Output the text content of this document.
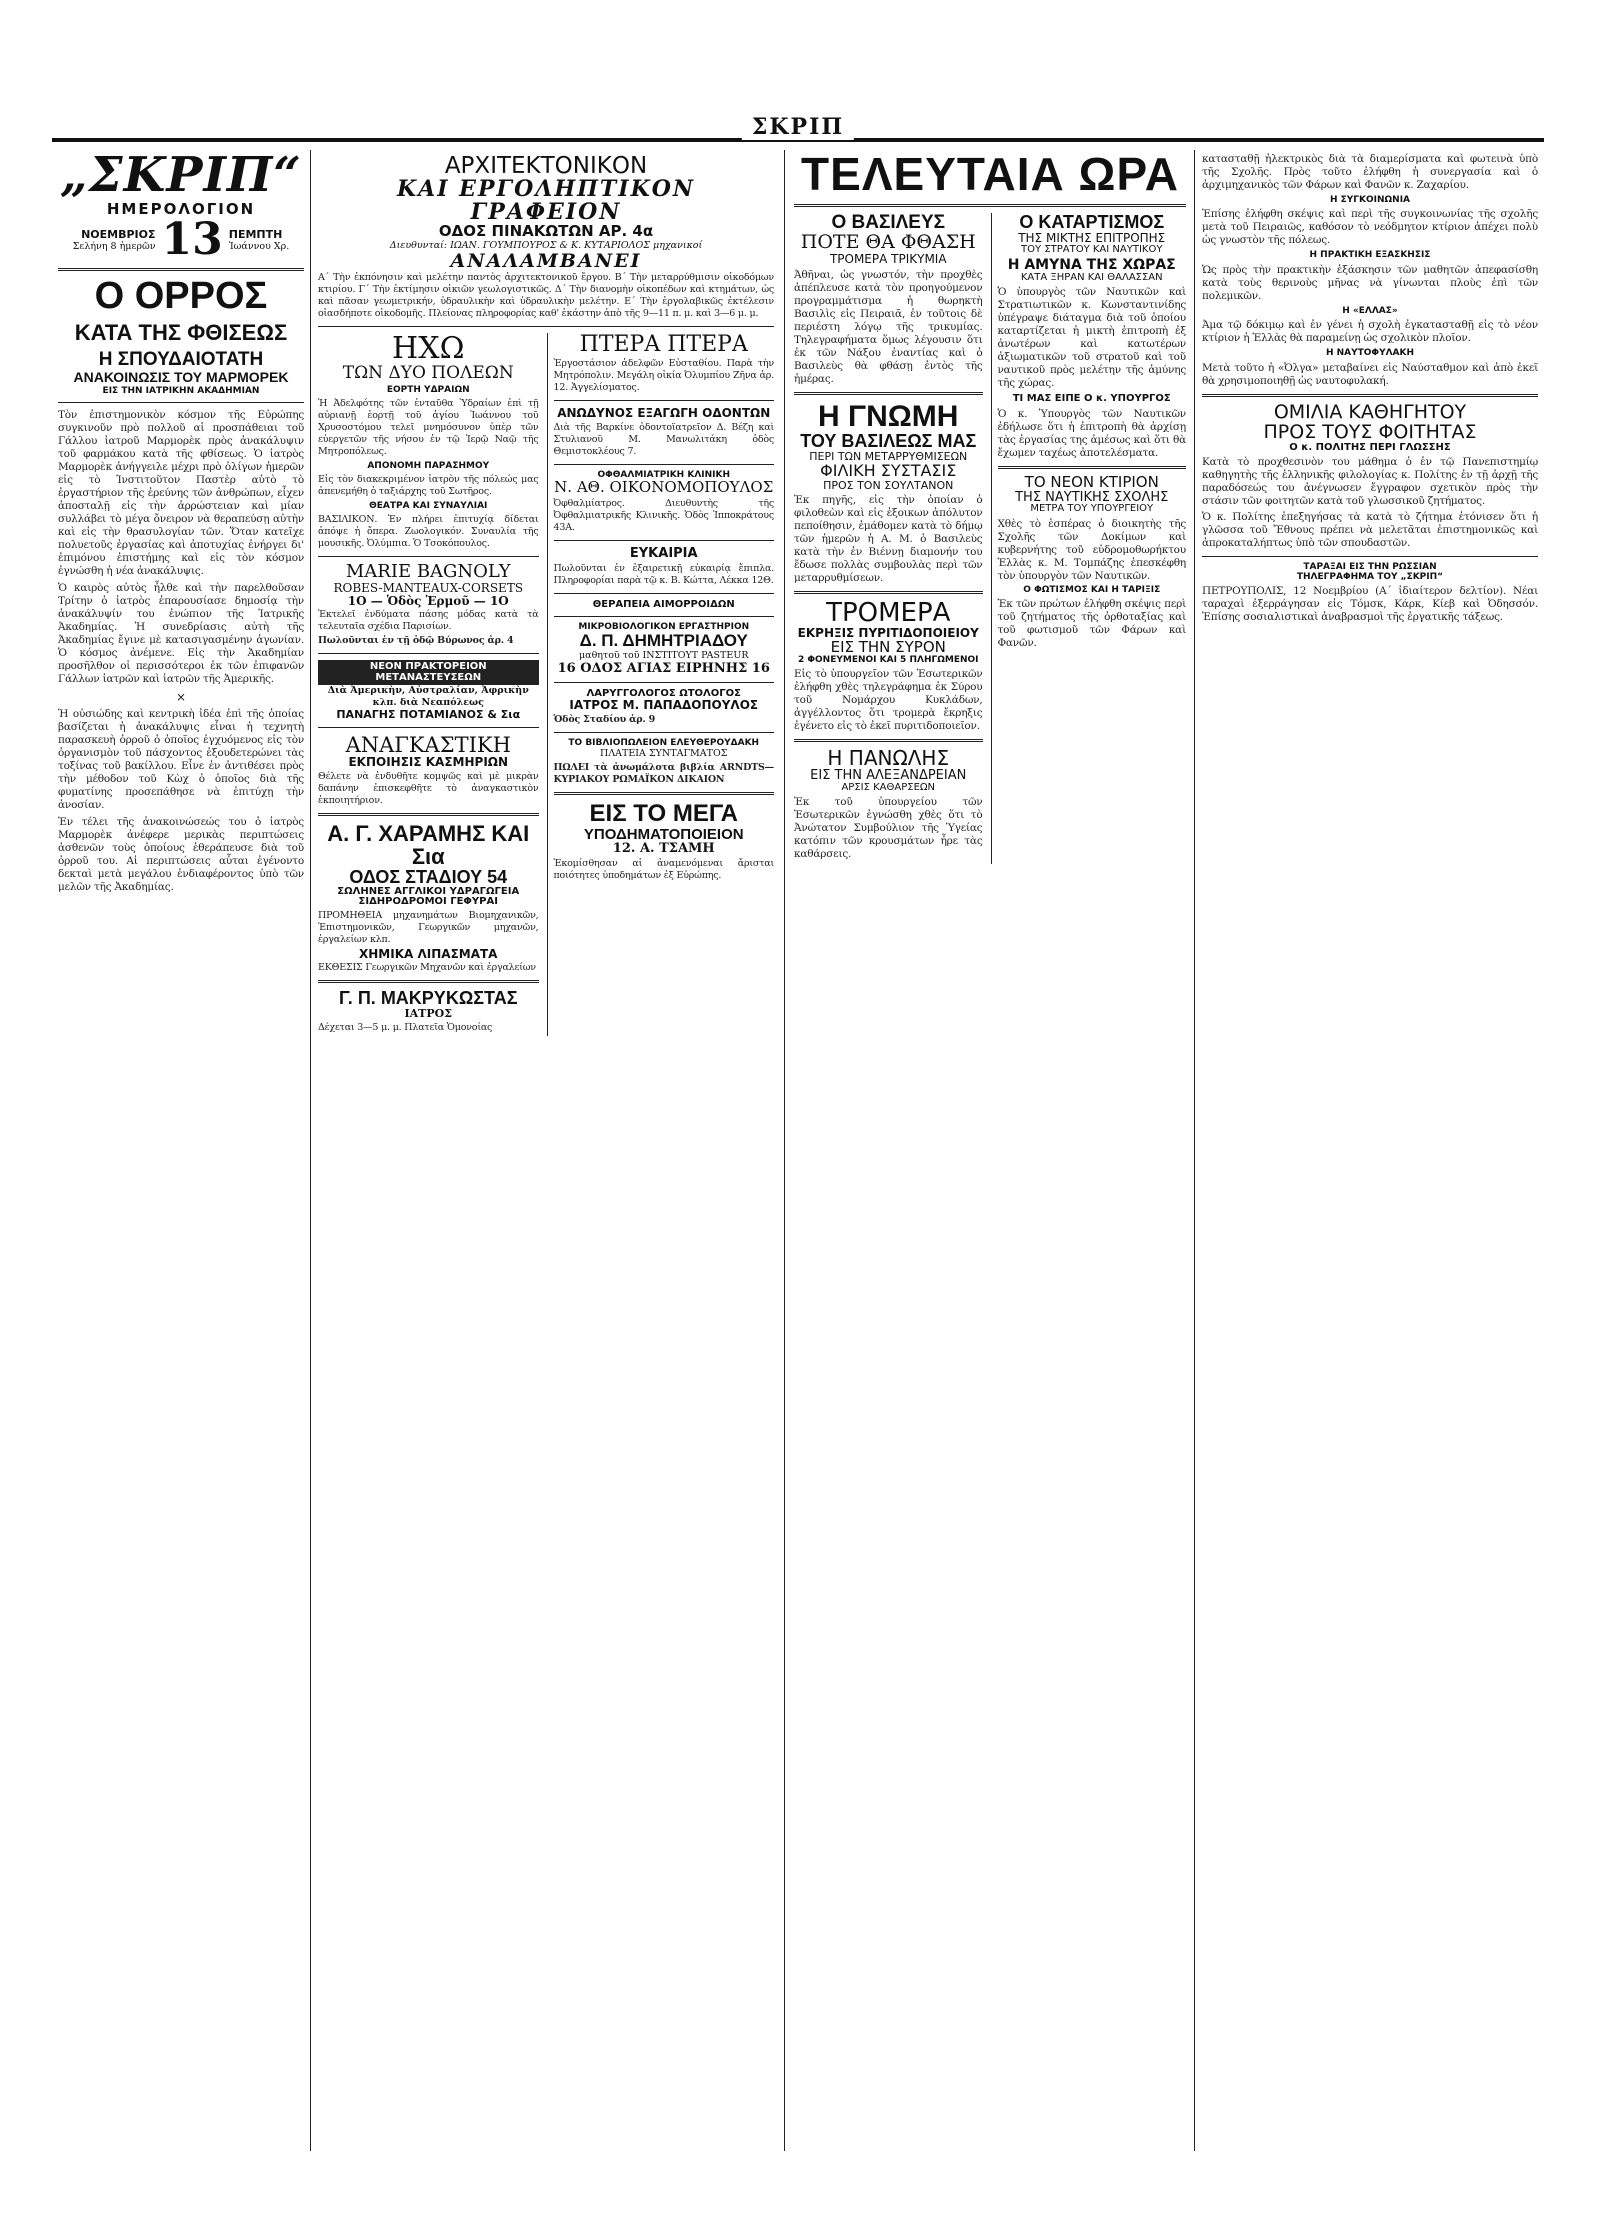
ΣΚΡΙΠ
„ΣΚΡΙΠ“
ΗΜΕΡΟΛΟΓΙΟΝ
ΝΟΕΜΒΡΙΟΣ
Σελήνη 8 ἡμερῶν 13 ΠΕΜΠΤΗ
Ἰωάννου Χρ.
Ο ΟΡΡΟΣ
ΚΑΤΑ ΤΗΣ ΦΘΙΣΕΩΣ
Η ΣΠΟΥΔΑΙΟΤΑΤΗ
ΑΝΑΚΟΙΝΩΣΙΣ ΤΟΥ ΜΑΡΜΟΡΕΚ
ΕΙΣ ΤΗΝ ΙΑΤΡΙΚΗΝ ΑΚΑΔΗΜΙΑΝ

Τὸν ἐπιστημονικὸν κόσμον τῆς Εὐρώπης συγκινοῦν πρὸ πολλοῦ αἱ προσπάθειαι τοῦ Γάλλου ἰατροῦ Μαρμορὲκ πρὸς ἀνακάλυψιν τοῦ φαρμάκου κατὰ τῆς φθίσεως. Ὁ ἰατρὸς Μαρμορὲκ ἀνήγγειλε μέχρι πρὸ ὀλίγων ἡμερῶν εἰς τὸ Ἰνστιτοῦτον Παστὲρ αὐτὸ τὸ ἐργαστήριον τῆς ἐρεύνης τῶν ἀνθρώπων, εἶχεν ἀποσταλῇ εἰς τὴν ἀρρώστειαν καὶ μίαν συλλάβει τὸ μέγα ὄνειρον νὰ θεραπεύσῃ αὐτὴν καὶ εἰς τὴν θρασυλογίαν τῶν. Ὅταν κατεῖχε πολυετοῦς ἐργασίας καὶ ἀποτυχίας ἐνήργει δι' ἐπιμόνου ἐπιστήμης καὶ εἰς τὸν κόσμον ἐγνώσθη ἡ νέα ἀνακάλυψις.

Ὁ καιρὸς αὐτὸς ἦλθε καὶ τὴν παρελθοῦσαν Τρίτην ὁ ἰατρὸς ἐπαρουσίασε δημοσίᾳ τὴν ἀνακάλυψίν του ἐνώπιον τῆς Ἰατρικῆς Ἀκαδημίας. Ἡ συνεδρίασις αὐτὴ τῆς Ἀκαδημίας ἔγινε μὲ κατασιγασμένην ἀγωνίαν. Ὁ κόσμος ἀνέμενε. Εἰς τὴν Ἀκαδημίαν προσῆλθον οἱ περισσότεροι ἐκ τῶν ἐπιφανῶν Γάλλων ἰατρῶν καὶ ἰατρῶν τῆς Ἀμερικῆς.

×

Ἡ οὐσιώδης καὶ κεντρικὴ ἰδέα ἐπὶ τῆς ὁποίας βασίζεται ἡ ἀνακάλυψις εἶναι ἡ τεχνητὴ παρασκευὴ ὀρροῦ ὁ ὁποῖος ἐγχυόμενος εἰς τὸν ὀργανισμὸν τοῦ πάσχοντος ἐξουδετερώνει τὰς τοξίνας τοῦ βακίλλου. Εἶνε ἐν ἀντιθέσει πρὸς τὴν μέθοδον τοῦ Κὼχ ὁ ὁποῖος διὰ τῆς φυματίνης προσεπάθησε νὰ ἐπιτύχῃ τὴν ἀνοσίαν.

Ἐν τέλει τῆς ἀνακοινώσεώς του ὁ ἰατρὸς Μαρμορὲκ ἀνέφερε μερικὰς περιπτώσεις ἀσθενῶν τοὺς ὁποίους ἐθεράπευσε διὰ τοῦ ὀρροῦ του. Αἱ περιπτώσεις αὗται ἐγένοντο δεκταὶ μετὰ μεγάλου ἐνδιαφέροντος ὑπὸ τῶν μελῶν τῆς Ἀκαδημίας.

ΑΡΧΙΤΕΚΤΟΝΙΚΟΝ
ΚΑΙ ΕΡΓΟΛΗΠΤΙΚΟΝ ΓΡΑΦΕΙΟΝ
ΟΔΟΣ ΠΙΝΑΚΩΤΩΝ ΑΡ. 4α
Διευθυνταί: ΙΩΑΝ. ΓΟΥΜΠΟΥΡΟΣ & Κ. ΚΥΤΑΡΙΟΛΟΣ μηχανικοί
ΑΝΑΛΑΜΒΑΝΕΙ
Α΄ Τὴν ἐκπόνησιν καὶ μελέτην παντὸς ἀρχιτεκτονικοῦ ἔργου. Β΄ Τὴν μεταρρύθμισιν οἰκοδόμων κτιρίου. Γ΄ Τὴν ἐκτίμησιν οἰκιῶν γεωλογιστικῶς. Δ΄ Τὴν διανομὴν οἰκοπέδων καὶ κτημάτων, ὡς καὶ πᾶσαν γεωμετρικήν, ὑδραυλικὴν καὶ ὑδραυλικὴν μελέτην. Ε΄ Τὴν ἐργολαβικῶς ἐκτέλεσιν οἰασδήποτε οἰκοδομῆς. Πλείονας πληροφορίας καθ' ἑκάστην ἀπὸ τῆς 9—11 π. μ. καὶ 3—6 μ. μ.
ΗΧΩ
ΤΩΝ ΔΥΟ ΠΟΛΕΩΝ
ΕΟΡΤΗ ΥΔΡΑΙΩΝ

Ἡ Ἀδελφότης τῶν ἐνταῦθα Ὑδραίων ἐπὶ τῇ αὐριανῇ ἑορτῇ τοῦ ἁγίου Ἰωάννου τοῦ Χρυσοστόμου τελεῖ μνημόσυνον ὑπὲρ τῶν εὐεργετῶν τῆς νήσου ἐν τῷ Ἱερῷ Ναῷ τῆς Μητροπόλεως.

ΑΠΟΝΟΜΗ ΠΑΡΑΣΗΜΟΥ

Εἰς τὸν διακεκριμένον ἰατρὸν τῆς πόλεώς μας ἀπενεμήθη ὁ ταξιάρχης τοῦ Σωτῆρος.

ΘΕΑΤΡΑ ΚΑΙ ΣΥΝΑΥΛΙΑΙ

ΒΑΣΙΛΙΚΟΝ. Ἐν πλήρει ἐπιτυχίᾳ δίδεται ἀπόψε ἡ ὄπερα. Ζωολογικόν. Συναυλία τῆς μουσικῆς. Ὀλύμπια. Ὁ Τσοκόπουλος.

MARIE BAGNOLY
ROBES-MANTEAUX-CORSETS
1Ο — Ὁδὸς Ἑρμοῦ — 1Ο

Ἐκτελεῖ ἐνδύματα πάσης μόδας κατὰ τὰ τελευταῖα σχέδια Παρισίων.

Πωλοῦνται ἐν τῇ ὁδῷ Βύρωνος ἀρ. 4

ΝΕΟΝ ΠΡΑΚΤΟΡΕΙΟΝ ΜΕΤΑΝΑΣΤΕΥΣΕΩΝ
Διὰ Ἀμερικὴν, Αὐστραλίαν, Ἀφρικὴν κλπ. διὰ Νεαπόλεως
ΠΑΝΑΓΗΣ ΠΟΤΑΜΙΑΝΟΣ & Σια
ΑΝΑΓΚΑΣΤΙΚΗ
ΕΚΠΟΙΗΣΙΣ ΚΑΣΜΗΡΙΩΝ

Θέλετε νὰ ἐνδυθῆτε κομψῶς καὶ μὲ μικρὰν δαπάνην ἐπισκεφθῆτε τὸ ἀναγκαστικὸν ἐκποιητήριον.

Α. Γ. ΧΑΡΑΜΗΣ ΚΑΙ Σια
ΟΔΟΣ ΣΤΑΔΙΟΥ 54
ΣΩΛΗΝΕΣ ΑΓΓΛΙΚΟΙ ΥΔΡΑΓΩΓΕΙΑ ΣΙΔΗΡΟΔΡΟΜΟΙ ΓΕΦΥΡΑΙ

ΠΡΟΜΗΘΕΙΑ μηχανημάτων Βιομηχανικῶν, Ἐπιστημονικῶν, Γεωργικῶν μηχανῶν, ἐργαλείων κλπ.

ΧΗΜΙΚΑ ΛΙΠΑΣΜΑΤΑ

ΕΚΘΕΣΙΣ Γεωργικῶν Μηχανῶν καὶ ἐργαλείων

Γ. Π. ΜΑΚΡΥΚΩΣΤΑΣ
ΙΑΤΡΟΣ

Δέχεται 3—5 μ. μ. Πλατεῖα Ὁμονοίας

ΠΤΕΡΑ ΠΤΕΡΑ

Ἐργοστάσιον ἀδελφῶν Εὐσταθίου. Παρὰ τὴν Μητρόπολιν. Μεγάλη οἰκία Ὀλυμπίου Ζῆνα ἀρ. 12. Ἀγγελίσματος.

ΑΝΩΔΥΝΟΣ ΕΞΑΓΩΓΗ ΟΔΟΝΤΩΝ

Διὰ τῆς Βαρκίνε ὀδοντοϊατρεῖον Δ. Βέζη καὶ Στυλιανοῦ Μ. Μανωλιτάκη ὁδὸς Θεμιστοκλέους 7.

ΟΦΘΑΛΜΙΑΤΡΙΚΗ ΚΛΙΝΙΚΗ
Ν. ΑΘ. ΟΙΚΟΝΟΜΟΠΟΥΛΟΣ

Ὀφθαλμίατρος. Διευθυντὴς τῆς Ὀφθαλμιατρικῆς Κλινικῆς. Ὁδὸς Ἱπποκράτους 43Α.

ΕΥΚΑΙΡΙΑ

Πωλοῦνται ἐν ἐξαιρετικῇ εὐκαιρίᾳ ἔπιπλα. Πληροφορίαι παρὰ τῷ κ. Β. Κώττα, Λέκκα 12Θ.

ΘΕΡΑΠΕΙΑ ΑΙΜΟΡΡΟΙΔΩΝ
ΜΙΚΡΟΒΙΟΛΟΓΙΚΟΝ ΕΡΓΑΣΤΗΡΙΟΝ
Δ. Π. ΔΗΜΗΤΡΙΑΔΟΥ
μαθητοῦ τοῦ ΙΝΣΤΙΤΟΥΤ PASTEUR
16 ΟΔΟΣ ΑΓΙΑΣ ΕΙΡΗΝΗΣ 16
ΛΑΡΥΓΓΟΛΟΓΟΣ ΩΤΟΛΟΓΟΣ
ΙΑΤΡΟΣ Μ. ΠΑΠΑΔΟΠΟΥΛΟΣ

Ὁδὸς Σταδίου ἀρ. 9

ΤΟ ΒΙΒΛΙΟΠΩΛΕΙΟΝ ΕΛΕΥΘΕΡΟΥΔΑΚΗ
ΠΛΑΤΕΙΑ ΣΥΝΤΑΓΜΑΤΟΣ

ΠΩΛΕΙ τὰ ἀνωμάλοτα βιβλία ARNDTS—ΚΥΡΙΑΚΟΥ ΡΩΜΑΪΚΟΝ ΔΙΚΑΙΟΝ

ΕΙΣ ΤΟ ΜΕΓΑ
ΥΠΟΔΗΜΑΤΟΠΟΙΕΙΟΝ
12. Α. ΤΣΑΜΗ

Ἐκομίσθησαν αἱ ἀναμενόμεναι ἄρισται ποιότητες ὑποδημάτων ἐξ Εὐρώπης.

ΤΕΛΕΥΤΑΙΑ ΩΡΑ
Ο ΒΑΣΙΛΕΥΣ
ΠΟΤΕ ΘΑ ΦΘΑΣΗ
ΤΡΟΜΕΡΑ ΤΡΙΚΥΜΙΑ

Ἀθῆναι, ὡς γνωστόν, τὴν προχθὲς ἀπέπλευσε κατὰ τὸν προηγούμενον προγραμμάτισμα ἡ θωρηκτὴ Βασιλὶς εἰς Πειραιᾶ, ἐν τοῦτοις δὲ περιέστη λόγῳ τῆς τρικυμίας. Τηλεγραφήματα ὅμως λέγουσιν ὅτι ἐκ τῶν Νάξου ἐναντίας καὶ ὁ Βασιλεὺς θὰ φθάσῃ ἐντὸς τῆς ἡμέρας.

Η ΓΝΩΜΗ
ΤΟΥ ΒΑΣΙΛΕΩΣ ΜΑΣ
ΠΕΡΙ ΤΩΝ ΜΕΤΑΡΡΥΘΜΙΣΕΩΝ
ΦΙΛΙΚΗ ΣΥΣΤΑΣΙΣ
ΠΡΟΣ ΤΟΝ ΣΟΥΛΤΑΝΟΝ

Ἐκ πηγῆς, εἰς τὴν ὁποίαν ὁ φιλοθεὼν καὶ εἰς ἐξοικων ἀπόλυτον πεποίθησιν, ἐμάθομεν κατὰ τὸ δήμῳ τῶν ἡμερῶν ἡ Α. Μ. ὁ Βασιλεὺς κατὰ τὴν ἐν Βιέννῃ διαμονήν του ἔδωσε πολλὰς συμβουλὰς περὶ τῶν μεταρρυθμίσεων.

ΤΡΟΜΕΡΑ
ΕΚΡΗΞΙΣ ΠΥΡΙΤΙΔΟΠΟΙΕΙΟΥ
ΕΙΣ ΤΗΝ ΣΥΡΟΝ
2 ΦΟΝΕΥΜΕΝΟΙ ΚΑΙ 5 ΠΛΗΓΩΜΕΝΟΙ

Εἰς τὸ ὑπουργεῖον τῶν Ἐσωτερικῶν ἐλήφθη χθὲς τηλεγράφημα ἐκ Σύρου τοῦ Νομάρχου Κυκλάδων, ἀγγέλλοντος ὅτι τρομερὰ ἔκρηξις ἐγένετο εἰς τὸ ἐκεῖ πυριτιδοποιεῖον.

Η ΠΑΝΩΛΗΣ
ΕΙΣ ΤΗΝ ΑΛΕΞΑΝΔΡΕΙΑΝ
ΑΡΣΙΣ ΚΑΘΑΡΣΕΩΝ

Ἐκ τοῦ ὑπουργείου τῶν Ἐσωτερικῶν ἐγνώσθη χθὲς ὅτι τὸ Ἀνώτατον Συμβούλιον τῆς Ὑγείας κατόπιν τῶν κρουσμάτων ἦρε τὰς καθάρσεις.

Ο ΚΑΤΑΡΤΙΣΜΟΣ
ΤΗΣ ΜΙΚΤΗΣ ΕΠΙΤΡΟΠΗΣ
ΤΟΥ ΣΤΡΑΤΟΥ ΚΑΙ ΝΑΥΤΙΚΟΥ
Η ΑΜΥΝΑ ΤΗΣ ΧΩΡΑΣ
ΚΑΤΑ ΞΗΡΑΝ ΚΑΙ ΘΑΛΑΣΣΑΝ

Ὁ ὑπουργὸς τῶν Ναυτικῶν καὶ Στρατιωτικῶν κ. Κωνσταντινίδης ὑπέγραψε διάταγμα διὰ τοῦ ὁποίου καταρτίζεται ἡ μικτὴ ἐπιτροπὴ ἐξ ἀνωτέρων καὶ κατωτέρων ἀξιωματικῶν τοῦ στρατοῦ καὶ τοῦ ναυτικοῦ πρὸς μελέτην τῆς ἀμύνης τῆς χώρας.

ΤΙ ΜΑΣ ΕΙΠΕ Ο κ. ΥΠΟΥΡΓΟΣ

Ὁ κ. Ὑπουργὸς τῶν Ναυτικῶν ἐδήλωσε ὅτι ἡ ἐπιτροπὴ θὰ ἀρχίσῃ τὰς ἐργασίας της ἀμέσως καὶ ὅτι θὰ ἔχωμεν ταχέως ἀποτελέσματα.

ΤΟ ΝΕΟΝ ΚΤΙΡΙΟΝ
ΤΗΣ ΝΑΥΤΙΚΗΣ ΣΧΟΛΗΣ
ΜΕΤΡΑ ΤΟΥ ΥΠΟΥΡΓΕΙΟΥ

Χθὲς τὸ ἑσπέρας ὁ διοικητὴς τῆς Σχολῆς τῶν Δοκίμων καὶ κυβερνήτης τοῦ εὐδρομοθωρήκτου Ἑλλὰς κ. Μ. Τομπάζης ἐπεσκέφθη τὸν ὑπουργὸν τῶν Ναυτικῶν.

Ο ΦΩΤΙΣΜΟΣ ΚΑΙ Η ΤΑΡΙΞΙΣ

Ἐκ τῶν πρώτων ἐλήφθη σκέψις περὶ τοῦ ζητήματος τῆς ὀρθοταξίας καὶ τοῦ φωτισμοῦ τῶν Φάρων καὶ Φανῶν.

κατασταθῇ ἡλεκτρικὸς διὰ τὰ διαμερίσματα καὶ φωτεινὰ ὑπὸ τῆς Σχολῆς. Πρὸς τοῦτο ἐλήφθη ἡ συνεργασία καὶ ὁ ἀρχιμηχανικὸς τῶν Φάρων καὶ Φανῶν κ. Ζαχαρίου.

Η ΣΥΓΚΟΙΝΩΝΙΑ

Ἐπίσης ἐλήφθη σκέψις καὶ περὶ τῆς συγκοινωνίας τῆς σχολῆς μετὰ τοῦ Πειραιῶς, καθόσον τὸ νεόδμητον κτίριον ἀπέχει πολὺ ὡς γνωστὸν τῆς πόλεως.

Η ΠΡΑΚΤΙΚΗ ΕΞΑΣΚΗΣΙΣ

Ὡς πρὸς τὴν πρακτικὴν ἐξάσκησιν τῶν μαθητῶν ἀπεφασίσθη κατὰ τοὺς θερινοὺς μῆνας νὰ γίνωνται πλοὺς ἐπὶ τῶν πολεμικῶν.

Η «ΕΛΛΑΣ»

Ἀμα τῷ δόκιμῳ καὶ ἐν γένει ἡ σχολὴ ἐγκατασταθῇ εἰς τὸ νέον κτίριον ἡ Ἑλλὰς θὰ παραμείνῃ ὡς σχολικὸν πλοῖον.

Η ΝΑΥΤΟΦΥΛΑΚΗ

Μετὰ τοῦτο ἡ «Ὀλγα» μεταβαίνει εἰς Ναύσταθμον καὶ ἀπὸ ἐκεῖ θὰ χρησιμοποιηθῇ ὡς ναυτοφυλακή.

ΟΜΙΛΙΑ ΚΑΘΗΓΗΤΟΥ
ΠΡΟΣ ΤΟΥΣ ΦΟΙΤΗΤΑΣ
Ο κ. ΠΟΛΙΤΗΣ ΠΕΡΙ ΓΛΩΣΣΗΣ

Κατὰ τὸ προχθεσινὸν του μάθημα ὁ ἐν τῷ Πανεπιστημίῳ καθηγητὴς τῆς ἑλληνικῆς φιλολογίας κ. Πολίτης ἐν τῇ ἀρχῇ τῆς παραδόσεώς του ἀνέγνωσεν ἔγγραφον σχετικὸν πρὸς τὴν στάσιν τῶν φοιτητῶν κατὰ τοῦ γλωσσικοῦ ζητήματος.

Ὁ κ. Πολίτης ἐπεξηγήσας τὰ κατὰ τὸ ζήτημα ἐτόνισεν ὅτι ἡ γλῶσσα τοῦ Ἔθνους πρέπει νὰ μελετᾶται ἐπιστημονικῶς καὶ ἀπροκαταλήπτως ὑπὸ τῶν σπουδαστῶν.

ΤΑΡΑΞΑΙ ΕΙΣ ΤΗΝ ΡΩΣΣΙΑΝ
ΤΗΛΕΓΡΑΦΗΜΑ ΤΟΥ „ΣΚΡΙΠ“

ΠΕΤΡΟΥΠΟΛΙΣ, 12 Νοεμβρίου (Α΄ ἰδιαίτερον δελτίον). Νέαι ταραχαὶ ἐξερράγησαν εἰς Τόμσκ, Κάρκ, Κίεβ καὶ Ὀδησσόν. Ἐπίσης σοσιαλιστικαὶ ἀναβρασμοὶ τῆς ἐργατικῆς τάξεως.
